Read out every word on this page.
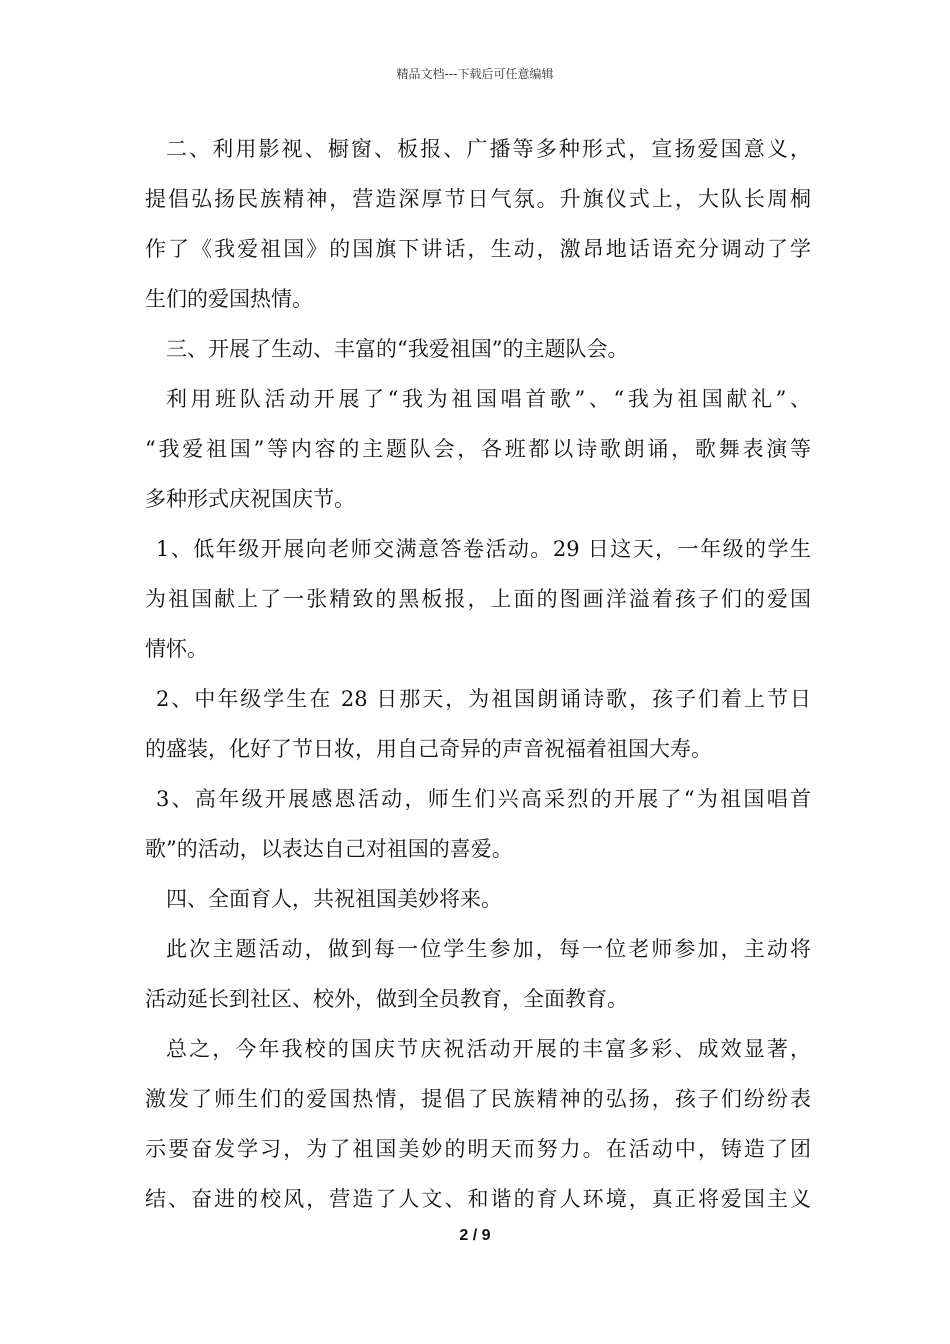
精品文档---下载后可任意编辑
二、利用影视、橱窗、板报、广播等多种形式，宣扬爱国意义，
提倡弘扬民族精神，营造深厚节日气氛。升旗仪式上，大队长周桐
作了《我爱祖国》的国旗下讲话，生动，激昂地话语充分调动了学
生们的爱国热情。
三、开展了生动、丰富的“我爱祖国”的主题队会。
利用班队活动开展了“我为祖国唱首歌”、“我为祖国献礼”、
“我爱祖国”等内容的主题队会，各班都以诗歌朗诵，歌舞表演等
多种形式庆祝国庆节。
1、低年级开展向老师交满意答卷活动。29 日这天，一年级的学生
为祖国献上了一张精致的黑板报，上面的图画洋溢着孩子们的爱国
情怀。
2、中年级学生在 28 日那天，为祖国朗诵诗歌，孩子们着上节日
的盛装，化好了节日妆，用自己奇异的声音祝福着祖国大寿。
3、高年级开展感恩活动，师生们兴高采烈的开展了“为祖国唱首
歌”的活动，以表达自己对祖国的喜爱。
四、全面育人，共祝祖国美妙将来。
此次主题活动，做到每一位学生参加，每一位老师参加，主动将
活动延长到社区、校外，做到全员教育，全面教育。
总之，今年我校的国庆节庆祝活动开展的丰富多彩、成效显著，
激发了师生们的爱国热情，提倡了民族精神的弘扬，孩子们纷纷表
示要奋发学习，为了祖国美妙的明天而努力。在活动中，铸造了团
结、奋进的校风，营造了人文、和谐的育人环境，真正将爱国主义
2 / 9
